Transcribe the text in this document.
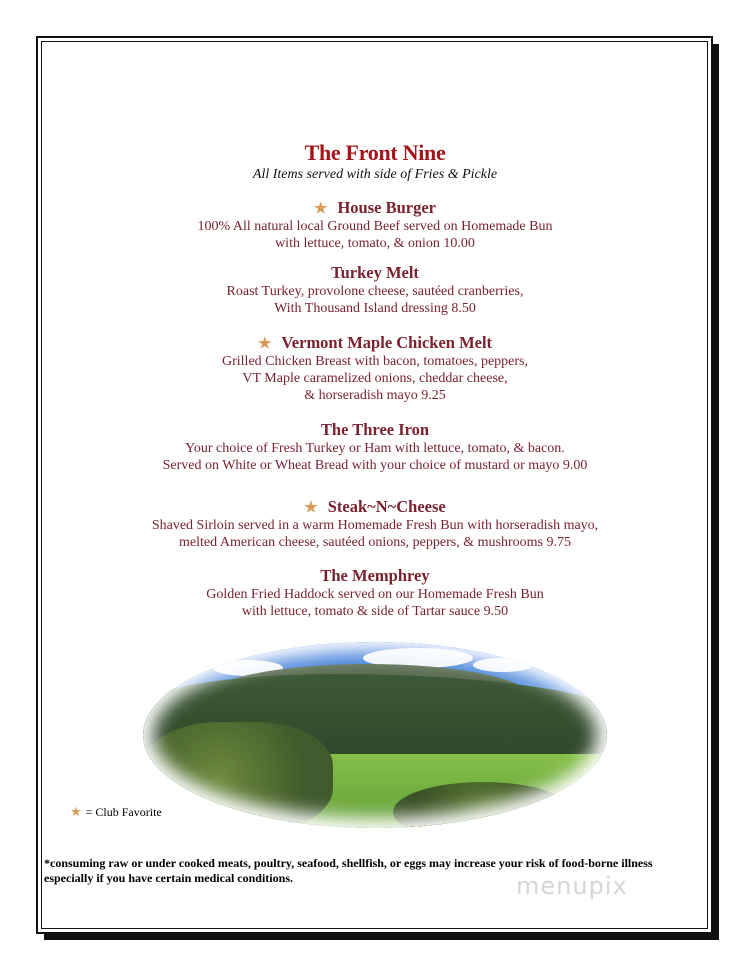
The Front Nine
All Items served with side of Fries & Pickle
★ House Burger
100% All natural local Ground Beef served on Homemade Bun
with lettuce, tomato, & onion 10.00
Turkey Melt
Roast Turkey, provolone cheese, sautéed cranberries,
With Thousand Island dressing 8.50
★ Vermont Maple Chicken Melt
Grilled Chicken Breast with bacon, tomatoes, peppers,
VT Maple caramelized onions, cheddar cheese,
& horseradish mayo 9.25
The Three Iron
Your choice of Fresh Turkey or Ham with lettuce, tomato, & bacon.
Served on White or Wheat Bread with your choice of mustard or mayo 9.00
★ Steak~N~Cheese
Shaved Sirloin served in a warm Homemade Fresh Bun with horseradish mayo,
melted American cheese, sautéed onions, peppers, & mushrooms 9.75
The Memphrey
Golden Fried Haddock served on our Homemade Fresh Bun
with lettuce, tomato & side of Tartar sauce 9.50
★ = Club Favorite
*consuming raw or under cooked meats, poultry, seafood, shellfish, or eggs may increase your risk of food-borne illness especially if you have certain medical conditions.	menupix
